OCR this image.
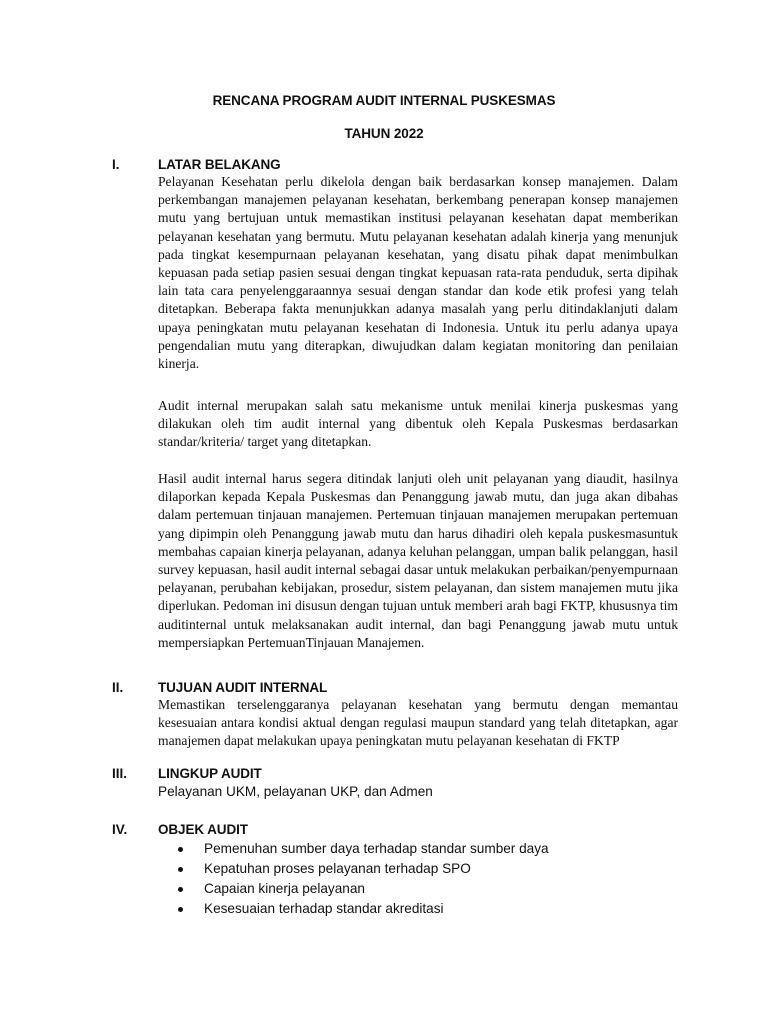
RENCANA PROGRAM AUDIT INTERNAL PUSKESMAS
TAHUN 2022
I.	LATAR BELAKANG

Pelayanan Kesehatan perlu dikelola dengan baik berdasarkan konsep manajemen. Dalam perkembangan manajemen pelayanan kesehatan, berkembang penerapan konsep manajemen mutu yang bertujuan untuk memastikan institusi pelayanan kesehatan dapat memberikan pelayanan kesehatan yang bermutu. Mutu pelayanan kesehatan adalah kinerja yang menunjuk pada tingkat kesempurnaan pelayanan kesehatan, yang disatu pihak dapat menimbulkan kepuasan pada setiap pasien sesuai dengan tingkat kepuasan rata-rata penduduk, serta dipihak lain tata cara penyelenggaraannya sesuai dengan standar dan kode etik profesi yang telah ditetapkan. Beberapa fakta menunjukkan adanya masalah yang perlu ditindaklanjuti dalam upaya peningkatan mutu pelayanan kesehatan di Indonesia. Untuk itu perlu adanya upaya pengendalian mutu yang diterapkan, diwujudkan dalam kegiatan monitoring dan penilaian kinerja.

Audit internal merupakan salah satu mekanisme untuk menilai kinerja puskesmas yang dilakukan oleh tim audit internal yang dibentuk oleh Kepala Puskesmas berdasarkan standar/kriteria/ target yang ditetapkan.

Hasil audit internal harus segera ditindak lanjuti oleh unit pelayanan yang diaudit, hasilnya dilaporkan kepada Kepala Puskesmas dan Penanggung jawab mutu, dan juga akan dibahas dalam pertemuan tinjauan manajemen. Pertemuan tinjauan manajemen merupakan pertemuan yang dipimpin oleh Penanggung jawab mutu dan harus dihadiri oleh kepala puskesmasuntuk membahas capaian kinerja pelayanan, adanya keluhan pelanggan, umpan balik pelanggan, hasil survey kepuasan, hasil audit internal sebagai dasar untuk melakukan perbaikan/penyempurnaan pelayanan, perubahan kebijakan, prosedur, sistem pelayanan, dan sistem manajemen mutu jika diperlukan. Pedoman ini disusun dengan tujuan untuk memberi arah bagi FKTP, khususnya tim auditinternal untuk melaksanakan audit internal, dan bagi Penanggung jawab mutu untuk mempersiapkan PertemuanTinjauan Manajemen.

II.	TUJUAN AUDIT INTERNAL

Memastikan terselenggaranya pelayanan kesehatan yang bermutu dengan memantau kesesuaian antara kondisi aktual dengan regulasi maupun standard yang telah ditetapkan, agar manajemen dapat melakukan upaya peningkatan mutu pelayanan kesehatan di FKTP

III. LINGKUP AUDIT

Pelayanan UKM, pelayanan UKP, dan Admen

IV. OBJEK AUDIT
Pemenuhan sumber daya terhadap standar sumber daya
Kepatuhan proses pelayanan terhadap SPO
Capaian kinerja pelayanan
Kesesuaian terhadap standar akreditasi
